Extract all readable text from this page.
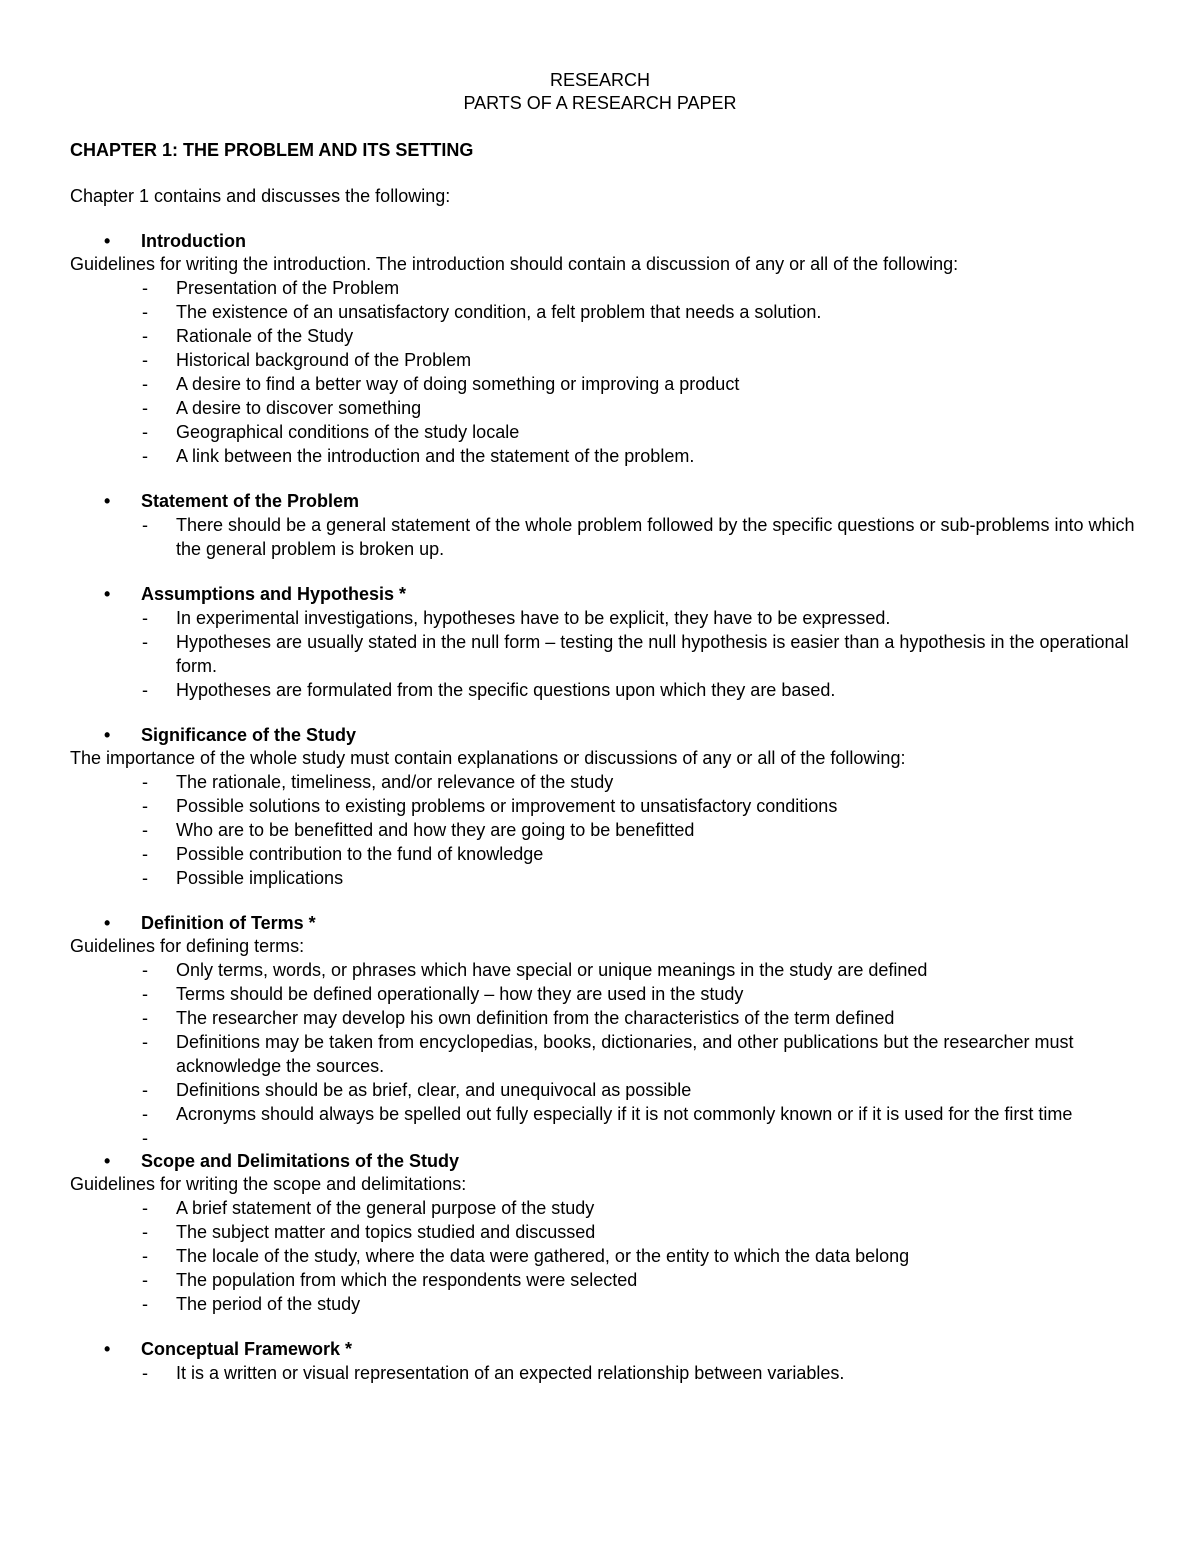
RESEARCH
PARTS OF A RESEARCH PAPER
CHAPTER 1: THE PROBLEM AND ITS SETTING
Chapter 1 contains and discusses the following:
• Introduction
Guidelines for writing the introduction. The introduction should contain a discussion of any or all of the following:
- Presentation of the Problem
- The existence of an unsatisfactory condition, a felt problem that needs a solution.
- Rationale of the Study
- Historical background of the Problem
- A desire to find a better way of doing something or improving a product
- A desire to discover something
- Geographical conditions of the study locale
- A link between the introduction and the statement of the problem.
• Statement of the Problem
- There should be a general statement of the whole problem followed by the specific questions or sub-problems into which the general problem is broken up.
• Assumptions and Hypothesis *
- In experimental investigations, hypotheses have to be explicit, they have to be expressed.
- Hypotheses are usually stated in the null form – testing the null hypothesis is easier than a hypothesis in the operational form.
- Hypotheses are formulated from the specific questions upon which they are based.
• Significance of the Study
The importance of the whole study must contain explanations or discussions of any or all of the following:
- The rationale, timeliness, and/or relevance of the study
- Possible solutions to existing problems or improvement to unsatisfactory conditions
- Who are to be benefitted and how they are going to be benefitted
- Possible contribution to the fund of knowledge
- Possible implications
• Definition of Terms *
Guidelines for defining terms:
- Only terms, words, or phrases which have special or unique meanings in the study are defined
- Terms should be defined operationally – how they are used in the study
- The researcher may develop his own definition from the characteristics of the term defined
- Definitions may be taken from encyclopedias, books, dictionaries, and other publications but the researcher must acknowledge the sources.
- Definitions should be as brief, clear, and unequivocal as possible
- Acronyms should always be spelled out fully especially if it is not commonly known or if it is used for the first time
-
• Scope and Delimitations of the Study
Guidelines for writing the scope and delimitations:
- A brief statement of the general purpose of the study
- The subject matter and topics studied and discussed
- The locale of the study, where the data were gathered, or the entity to which the data belong
- The population from which the respondents were selected
- The period of the study
• Conceptual Framework *
- It is a written or visual representation of an expected relationship between variables.
